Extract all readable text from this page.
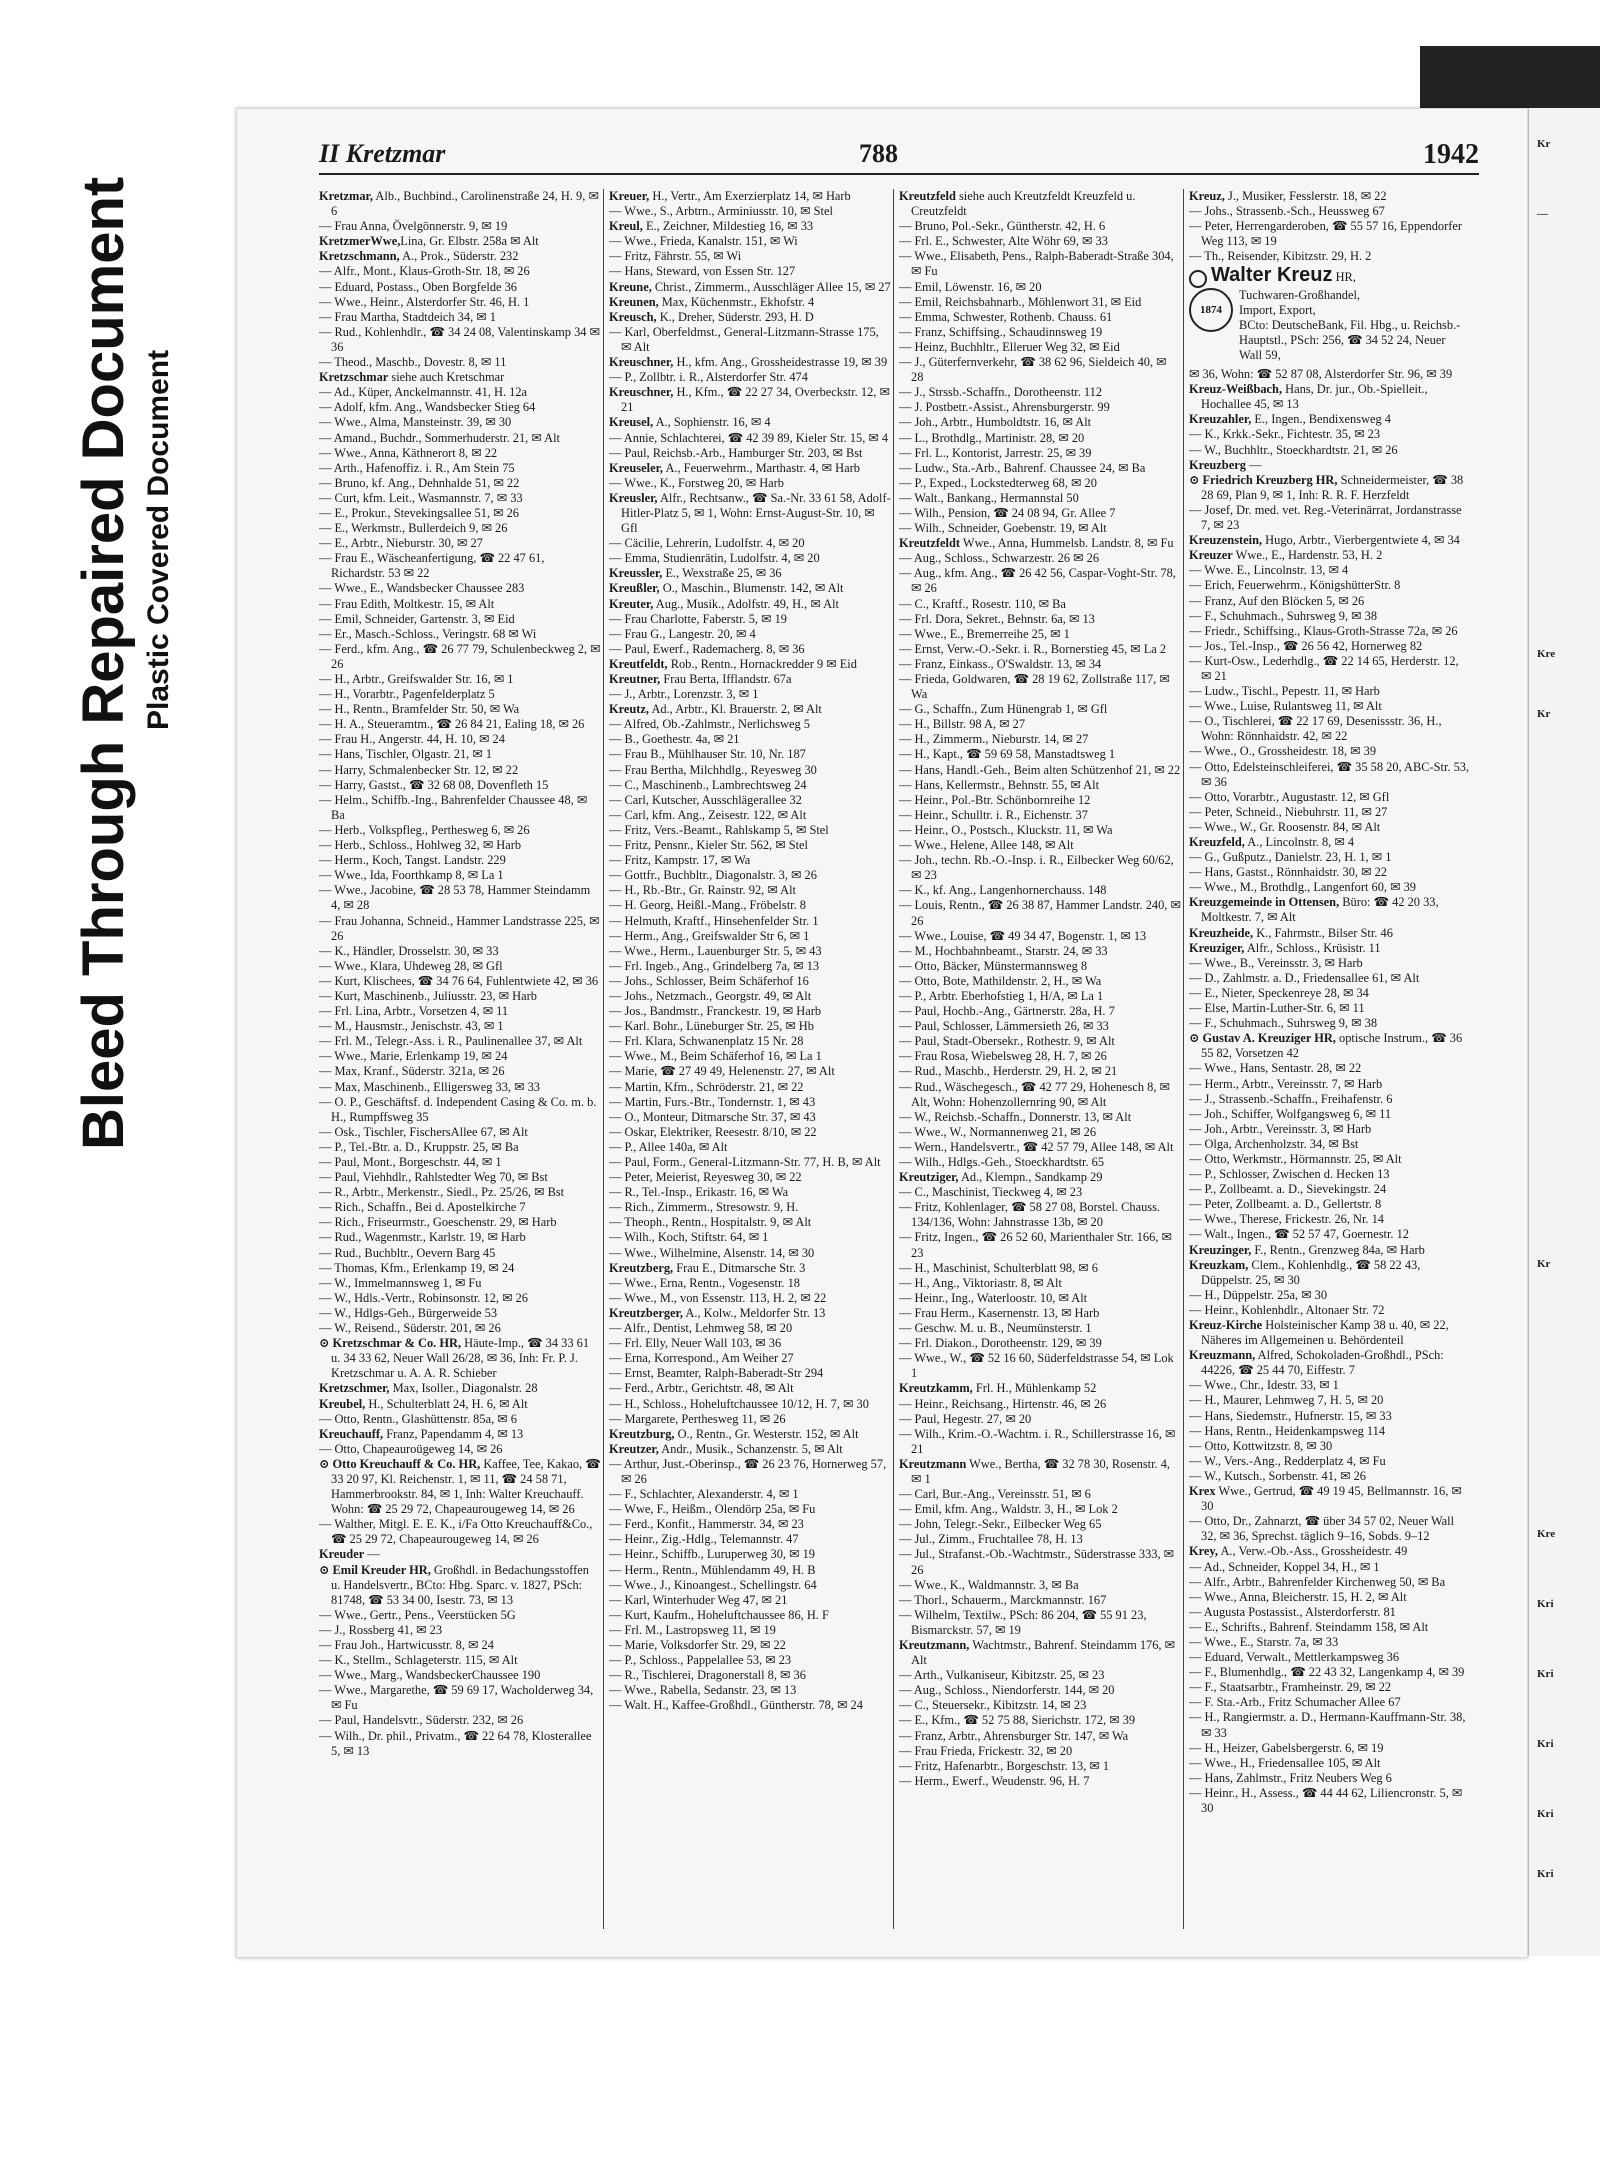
Bleed Through Repaired Document Plastic Covered Document
II Kretzmar	788	1942

Kretzmar, Alb., Buchbind., Carolinenstraße 24, H. 9, ✉ 6

— Frau Anna, Övelgönnerstr. 9, ✉ 19

KretzmerWwe,Lina, Gr. Elbstr. 258a ✉ Alt

Kretzschmann, A., Prok., Süderstr. 232

— Alfr., Mont., Klaus-Groth-Str. 18, ✉ 26

— Eduard, Postass., Oben Borgfelde 36

— Wwe., Heinr., Alsterdorfer Str. 46, H. 1

— Frau Martha, Stadtdeich 34, ✉ 1

— Rud., Kohlenhdlr., ☎ 34 24 08, Valentinskamp 34 ✉ 36

— Theod., Maschb., Dovestr. 8, ✉ 11

Kretzschmar siehe auch Kretschmar

— Ad., Küper, Anckelmannstr. 41, H. 12a

— Adolf, kfm. Ang., Wandsbecker Stieg 64

— Wwe., Alma, Mansteinstr. 39, ✉ 30

— Amand., Buchdr., Sommerhuderstr. 21, ✉ Alt

— Wwe., Anna, Käthnerort 8, ✉ 22

— Arth., Hafenoffiz. i. R., Am Stein 75

— Bruno, kf. Ang., Dehnhalde 51, ✉ 22

— Curt, kfm. Leit., Wasmannstr. 7, ✉ 33

— E., Prokur., Stevekingsallee 51, ✉ 26

— E., Werkmstr., Bullerdeich 9, ✉ 26

— E., Arbtr., Nieburstr. 30, ✉ 27

— Frau E., Wäscheanfertigung, ☎ 22 47 61, Richardstr. 53 ✉ 22

— Wwe., E., Wandsbecker Chaussee 283

— Frau Edith, Moltkestr. 15, ✉ Alt

— Emil, Schneider, Gartenstr. 3, ✉ Eid

— Er., Masch.-Schloss., Veringstr. 68 ✉ Wi

— Ferd., kfm. Ang., ☎ 26 77 79, Schulenbeckweg 2, ✉ 26

— H., Arbtr., Greifswalder Str. 16, ✉ 1

— H., Vorarbtr., Pagenfelderplatz 5

— H., Rentn., Bramfelder Str. 50, ✉ Wa

— H. A., Steueramtm., ☎ 26 84 21, Ealing 18, ✉ 26

— Frau H., Angerstr. 44, H. 10, ✉ 24

— Hans, Tischler, Olgastr. 21, ✉ 1

— Harry, Schmalenbecker Str. 12, ✉ 22

— Harry, Gastst., ☎ 32 68 08, Dovenfleth 15

— Helm., Schiffb.-Ing., Bahrenfelder Chaussee 48, ✉ Ba

— Herb., Volkspfleg., Perthesweg 6, ✉ 26

— Herb., Schloss., Hohlweg 32, ✉ Harb

— Herm., Koch, Tangst. Landstr. 229

— Wwe., Ida, Foorthkamp 8, ✉ La 1

— Wwe., Jacobine, ☎ 28 53 78, Hammer Steindamm 4, ✉ 28

— Frau Johanna, Schneid., Hammer Landstrasse 225, ✉ 26

— K., Händler, Drosselstr. 30, ✉ 33

— Wwe., Klara, Uhdeweg 28, ✉ Gfl

— Kurt, Klischees, ☎ 34 76 64, Fuhlentwiete 42, ✉ 36

— Kurt, Maschinenb., Juliusstr. 23, ✉ Harb

— Frl. Lina, Arbtr., Vorsetzen 4, ✉ 11

— M., Hausmstr., Jenischstr. 43, ✉ 1

— Frl. M., Telegr.-Ass. i. R., Paulinenallee 37, ✉ Alt

— Wwe., Marie, Erlenkamp 19, ✉ 24

— Max, Kranf., Süderstr. 321a, ✉ 26

— Max, Maschinenb., Elligersweg 33, ✉ 33

— O. P., Geschäftsf. d. Independent Casing & Co. m. b. H., Rumpffsweg 35

— Osk., Tischler, FischersAllee 67, ✉ Alt

— P., Tel.-Btr. a. D., Kruppstr. 25, ✉ Ba

— Paul, Mont., Borgeschstr. 44, ✉ 1

— Paul, Viehhdlr., Rahlstedter Weg 70, ✉ Bst

— R., Arbtr., Merkenstr., Siedl., Pz. 25/26, ✉ Bst

— Rich., Schaffn., Bei d. Apostelkirche 7

— Rich., Friseurmstr., Goeschenstr. 29, ✉ Harb

— Rud., Wagenmstr., Karlstr. 19, ✉ Harb

— Rud., Buchbltr., Oevern Barg 45

— Thomas, Kfm., Erlenkamp 19, ✉ 24

— W., Immelmannsweg 1, ✉ Fu

— W., Hdls.-Vertr., Robinsonstr. 12, ✉ 26

— W., Hdlgs-Geh., Bürgerweide 53

— W., Reisend., Süderstr. 201, ✉ 26

⊙ Kretzschmar & Co. HR, Häute-Imp., ☎ 34 33 61 u. 34 33 62, Neuer Wall 26/28, ✉ 36, Inh: Fr. P. J. Kretzschmar u. A. A. R. Schieber

Kretzschmer, Max, Isoller., Diagonalstr. 28

Kreubel, H., Schulterblatt 24, H. 6, ✉ Alt

— Otto, Rentn., Glashüttenstr. 85a, ✉ 6

Kreuchauff, Franz, Papendamm 4, ✉ 13

— Otto, Chapeauroügeweg 14, ✉ 26

⊙ Otto Kreuchauff & Co. HR, Kaffee, Tee, Kakao, ☎ 33 20 97, Kl. Reichenstr. 1, ✉ 11, ☎ 24 58 71, Hammerbrookstr. 84, ✉ 1, Inh: Walter Kreuchauff. Wohn: ☎ 25 29 72, Chapeaurougeweg 14, ✉ 26

— Walther, Mitgl. E. E. K., i/Fa Otto Kreuchauff&Co., ☎ 25 29 72, Chapeaurougeweg 14, ✉ 26

Kreuder —

⊙ Emil Kreuder HR, Großhdl. in Bedachungsstoffen u. Handelsvertr., BCto: Hbg. Sparc. v. 1827, PSch: 81748, ☎ 53 34 00, Isestr. 73, ✉ 13

— Wwe., Gertr., Pens., Veerstücken 5G

— J., Rossberg 41, ✉ 23

— Frau Joh., Hartwicusstr. 8, ✉ 24

— K., Stellm., Schlageterstr. 115, ✉ Alt

— Wwe., Marg., WandsbeckerChaussee 190

— Wwe., Margarethe, ☎ 59 69 17, Wacholderweg 34, ✉ Fu

— Paul, Handelsvtr., Süderstr. 232, ✉ 26

— Wilh., Dr. phil., Privatm., ☎ 22 64 78, Klosterallee 5, ✉ 13

Kreuer, H., Vertr., Am Exerzierplatz 14, ✉ Harb

— Wwe., S., Arbtrn., Arminiusstr. 10, ✉ Stel

Kreul, E., Zeichner, Mildestieg 16, ✉ 33

— Wwe., Frieda, Kanalstr. 151, ✉ Wi

— Fritz, Fährstr. 55, ✉ Wi

— Hans, Steward, von Essen Str. 127

Kreune, Christ., Zimmerm., Ausschläger Allee 15, ✉ 27

Kreunen, Max, Küchenmstr., Ekhofstr. 4

Kreusch, K., Dreher, Süderstr. 293, H. D

— Karl, Oberfeldmst., General-Litzmann-Strasse 175, ✉ Alt

Kreuschner, H., kfm. Ang., Grossheidestrasse 19, ✉ 39

— P., Zollbtr. i. R., Alsterdorfer Str. 474

Kreuschner, H., Kfm., ☎ 22 27 34, Overbeckstr. 12, ✉ 21

Kreusel, A., Sophienstr. 16, ✉ 4

— Annie, Schlachterei, ☎ 42 39 89, Kieler Str. 15, ✉ 4

— Paul, Reichsb.-Arb., Hamburger Str. 203, ✉ Bst

Kreuseler, A., Feuerwehrm., Marthastr. 4, ✉ Harb

— Wwe., K., Forstweg 20, ✉ Harb

Kreusler, Alfr., Rechtsanw., ☎ Sa.-Nr. 33 61 58, Adolf-Hitler-Platz 5, ✉ 1, Wohn: Ernst-August-Str. 10, ✉ Gfl

— Cäcilie, Lehrerin, Ludolfstr. 4, ✉ 20

— Emma, Studienrätin, Ludolfstr. 4, ✉ 20

Kreussler, E., Wexstraße 25, ✉ 36

Kreußler, O., Maschin., Blumenstr. 142, ✉ Alt

Kreuter, Aug., Musik., Adolfstr. 49, H., ✉ Alt

— Frau Charlotte, Faberstr. 5, ✉ 19

— Frau G., Langestr. 20, ✉ 4

— Paul, Ewerf., Rademacherg. 8, ✉ 36

Kreutfeldt, Rob., Rentn., Hornackredder 9 ✉ Eid

Kreutner, Frau Berta, Ifflandstr. 67a

— J., Arbtr., Lorenzstr. 3, ✉ 1

Kreutz, Ad., Arbtr., Kl. Brauerstr. 2, ✉ Alt

— Alfred, Ob.-Zahlmstr., Nerlichsweg 5

— B., Goethestr. 4a, ✉ 21

— Frau B., Mühlhauser Str. 10, Nr. 187

— Frau Bertha, Milchhdlg., Reyesweg 30

— C., Maschinenb., Lambrechtsweg 24

— Carl, Kutscher, Ausschlägerallee 32

— Carl, kfm. Ang., Zeisestr. 122, ✉ Alt

— Fritz, Vers.-Beamt., Rahlskamp 5, ✉ Stel

— Fritz, Pensnr., Kieler Str. 562, ✉ Stel

— Fritz, Kampstr. 17, ✉ Wa

— Gottfr., Buchbltr., Diagonalstr. 3, ✉ 26

— H., Rb.-Btr., Gr. Rainstr. 92, ✉ Alt

— H. Georg, Heißl.-Mang., Fröbelstr. 8

— Helmuth, Kraftf., Hinsehenfelder Str. 1

— Herm., Ang., Greifswalder Str 6, ✉ 1

— Wwe., Herm., Lauenburger Str. 5, ✉ 43

— Frl. Ingeb., Ang., Grindelberg 7a, ✉ 13

— Johs., Schlosser, Beim Schäferhof 16

— Johs., Netzmach., Georgstr. 49, ✉ Alt

— Jos., Bandmstr., Franckestr. 19, ✉ Harb

— Karl. Bohr., Lüneburger Str. 25, ✉ Hb

— Frl. Klara, Schwanenplatz 15 Nr. 28

— Wwe., M., Beim Schäferhof 16, ✉ La 1

— Marie, ☎ 27 49 49, Helenenstr. 27, ✉ Alt

— Martin, Kfm., Schröderstr. 21, ✉ 22

— Martin, Furs.-Btr., Tondernstr. 1, ✉ 43

— O., Monteur, Ditmarsche Str. 37, ✉ 43

— Oskar, Elektriker, Reesestr. 8/10, ✉ 22

— P., Allee 140a, ✉ Alt

— Paul, Form., General-Litzmann-Str. 77, H. B, ✉ Alt

— Peter, Meierist, Reyesweg 30, ✉ 22

— R., Tel.-Insp., Erikastr. 16, ✉ Wa

— Rich., Zimmerm., Stresowstr. 9, H.

— Theoph., Rentn., Hospitalstr. 9, ✉ Alt

— Wilh., Koch, Stiftstr. 64, ✉ 1

— Wwe., Wilhelmine, Alsenstr. 14, ✉ 30

Kreutzberg, Frau E., Ditmarsche Str. 3

— Wwe., Erna, Rentn., Vogesenstr. 18

— Wwe., M., von Essenstr. 113, H. 2, ✉ 22

Kreutzberger, A., Kolw., Meldorfer Str. 13

— Alfr., Dentist, Lehmweg 58, ✉ 20

— Frl. Elly, Neuer Wall 103, ✉ 36

— Erna, Korrespond., Am Weiher 27

— Ernst, Beamter, Ralph-Baberadt-Str 294

— Ferd., Arbtr., Gerichtstr. 48, ✉ Alt

— H., Schloss., Hoheluftchaussee 10/12, H. 7, ✉ 30

— Margarete, Perthesweg 11, ✉ 26

Kreutzburg, O., Rentn., Gr. Westerstr. 152, ✉ Alt

Kreutzer, Andr., Musik., Schanzenstr. 5, ✉ Alt

— Arthur, Just.-Oberinsp., ☎ 26 23 76, Hornerweg 57, ✉ 26

— F., Schlachter, Alexanderstr. 4, ✉ 1

— Wwe, F., Heißm., Olendörp 25a, ✉ Fu

— Ferd., Konfit., Hammerstr. 34, ✉ 23

— Heinr., Zig.-Hdlg., Telemannstr. 47

— Heinr., Schiffb., Luruperweg 30, ✉ 19

— Herm., Rentn., Mühlendamm 49, H. B

— Wwe., J., Kinoangest., Schellingstr. 64

— Karl, Winterhuder Weg 47, ✉ 21

— Kurt, Kaufm., Hoheluftchaussee 86, H. F

— Frl. M., Lastropsweg 11, ✉ 19

— Marie, Volksdorfer Str. 29, ✉ 22

— P., Schloss., Pappelallee 53, ✉ 23

— R., Tischlerei, Dragonerstall 8, ✉ 36

— Wwe., Rabella, Sedanstr. 23, ✉ 13

— Walt. H., Kaffee-Großhdl., Güntherstr. 78, ✉ 24

Kreutzfeld siehe auch Kreutzfeldt Kreuzfeld u. Creutzfeldt

— Bruno, Pol.-Sekr., Güntherstr. 42, H. 6

— Frl. E., Schwester, Alte Wöhr 69, ✉ 33

— Wwe., Elisabeth, Pens., Ralph-Baberadt-Straße 304, ✉ Fu

— Emil, Löwenstr. 16, ✉ 20

— Emil, Reichsbahnarb., Möhlenwort 31, ✉ Eid

— Emma, Schwester, Rothenb. Chauss. 61

— Franz, Schiffsing., Schaudinnsweg 19

— Heinz, Buchhltr., Elleruer Weg 32, ✉ Eid

— J., Güterfernverkehr, ☎ 38 62 96, Sieldeich 40, ✉ 28

— J., Strssb.-Schaffn., Dorotheenstr. 112

— J. Postbetr.-Assist., Ahrensburgerstr. 99

— Joh., Arbtr., Humboldtstr. 16, ✉ Alt

— L., Brothdlg., Martinistr. 28, ✉ 20

— Frl. L., Kontorist, Jarrestr. 25, ✉ 39

— Ludw., Sta.-Arb., Bahrenf. Chaussee 24, ✉ Ba

— P., Exped., Lockstedterweg 68, ✉ 20

— Walt., Bankang., Hermannstal 50

— Wilh., Pension, ☎ 24 08 94, Gr. Allee 7

— Wilh., Schneider, Goebenstr. 19, ✉ Alt

Kreutzfeldt Wwe., Anna, Hummelsb. Landstr. 8, ✉ Fu

— Aug., Schloss., Schwarzestr. 26 ✉ 26

— Aug., kfm. Ang., ☎ 26 42 56, Caspar-Voght-Str. 78, ✉ 26

— C., Kraftf., Rosestr. 110, ✉ Ba

— Frl. Dora, Sekret., Behnstr. 6a, ✉ 13

— Wwe., E., Bremerreihe 25, ✉ 1

— Ernst, Verw.-O.-Sekr. i. R., Bornerstieg 45, ✉ La 2

— Franz, Einkass., O'Swaldstr. 13, ✉ 34

— Frieda, Goldwaren, ☎ 28 19 62, Zollstraße 117, ✉ Wa

— G., Schaffn., Zum Hünengrab 1, ✉ Gfl

— H., Billstr. 98 A, ✉ 27

— H., Zimmerm., Nieburstr. 14, ✉ 27

— H., Kapt., ☎ 59 69 58, Manstadtsweg 1

— Hans, Handl.-Geh., Beim alten Schützenhof 21, ✉ 22

— Hans, Kellermstr., Behnstr. 55, ✉ Alt

— Heinr., Pol.-Btr. Schönbornreihe 12

— Heinr., Schulltr. i. R., Eichenstr. 37

— Heinr., O., Postsch., Kluckstr. 11, ✉ Wa

— Wwe., Helene, Allee 148, ✉ Alt

— Joh., techn. Rb.-O.-Insp. i. R., Eilbecker Weg 60/62, ✉ 23

— K., kf. Ang., Langenhornerchauss. 148

— Louis, Rentn., ☎ 26 38 87, Hammer Landstr. 240, ✉ 26

— Wwe., Louise, ☎ 49 34 47, Bogenstr. 1, ✉ 13

— M., Hochbahnbeamt., Starstr. 24, ✉ 33

— Otto, Bäcker, Münstermannsweg 8

— Otto, Bote, Mathildenstr. 2, H., ✉ Wa

— P., Arbtr. Eberhofstieg 1, H/A, ✉ La 1

— Paul, Hochb.-Ang., Gärtnerstr. 28a, H. 7

— Paul, Schlosser, Lämmersieth 26, ✉ 33

— Paul, Stadt-Obersekr., Rothestr. 9, ✉ Alt

— Frau Rosa, Wiebelsweg 28, H. 7, ✉ 26

— Rud., Maschb., Herderstr. 29, H. 2, ✉ 21

— Rud., Wäschegesch., ☎ 42 77 29, Hohenesch 8, ✉ Alt, Wohn: Hohenzollernring 90, ✉ Alt

— W., Reichsb.-Schaffn., Donnerstr. 13, ✉ Alt

— Wwe., W., Normannenweg 21, ✉ 26

— Wern., Handelsvertr., ☎ 42 57 79, Allee 148, ✉ Alt

— Wilh., Hdlgs.-Geh., Stoeckhardtstr. 65

Kreutziger, Ad., Klempn., Sandkamp 29

— C., Maschinist, Tieckweg 4, ✉ 23

— Fritz, Kohlenlager, ☎ 58 27 08, Borstel. Chauss. 134/136, Wohn: Jahnstrasse 13b, ✉ 20

— Fritz, Ingen., ☎ 26 52 60, Marienthaler Str. 166, ✉ 23

— H., Maschinist, Schulterblatt 98, ✉ 6

— H., Ang., Viktoriastr. 8, ✉ Alt

— Heinr., Ing., Waterloostr. 10, ✉ Alt

— Frau Herm., Kasernenstr. 13, ✉ Harb

— Geschw. M. u. B., Neumünsterstr. 1

— Frl. Diakon., Dorotheenstr. 129, ✉ 39

— Wwe., W., ☎ 52 16 60, Süderfeldstrasse 54, ✉ Lok 1

Kreutzkamm, Frl. H., Mühlenkamp 52

— Heinr., Reichsang., Hirtenstr. 46, ✉ 26

— Paul, Hegestr. 27, ✉ 20

— Wilh., Krim.-O.-Wachtm. i. R., Schillerstrasse 16, ✉ 21

Kreutzmann Wwe., Bertha, ☎ 32 78 30, Rosenstr. 4, ✉ 1

— Carl, Bur.-Ang., Vereinsstr. 51, ✉ 6

— Emil, kfm. Ang., Waldstr. 3, H., ✉ Lok 2

— John, Telegr.-Sekr., Eilbecker Weg 65

— Jul., Zimm., Fruchtallee 78, H. 13

— Jul., Strafanst.-Ob.-Wachtmstr., Süderstrasse 333, ✉ 26

— Wwe., K., Waldmannstr. 3, ✉ Ba

— Thorl., Schauerm., Marckmannstr. 167

— Wilhelm, Textilw., PSch: 86 204, ☎ 55 91 23, Bismarckstr. 57, ✉ 19

Kreutzmann, Wachtmstr., Bahrenf. Steindamm 176, ✉ Alt

— Arth., Vulkaniseur, Kibitzstr. 25, ✉ 23

— Aug., Schloss., Niendorferstr. 144, ✉ 20

— C., Steuersekr., Kibitzstr. 14, ✉ 23

— E., Kfm., ☎ 52 75 88, Sierichstr. 172, ✉ 39

— Franz, Arbtr., Ahrensburger Str. 147, ✉ Wa

— Frau Frieda, Frickestr. 32, ✉ 20

— Fritz, Hafenarbtr., Borgeschstr. 13, ✉ 1

— Herm., Ewerf., Weudenstr. 96, H. 7

Kreuz, J., Musiker, Fesslerstr. 18, ✉ 22

— Johs., Strassenb.-Sch., Heussweg 67

— Peter, Herrengarderoben, ☎ 55 57 16, Eppendorfer Weg 113, ✉ 19

— Th., Reisender, Kibitzstr. 29, H. 2

Walter Kreuz HR,
1874
Tuchwaren-Großhandel,
Import, Export,
BCto: DeutscheBank, Fil. Hbg., u. Reichsb.-Hauptstl., PSch: 256, ☎ 34 52 24, Neuer Wall 59,

✉ 36, Wohn: ☎ 52 87 08, Alsterdorfer Str. 96, ✉ 39

Kreuz-Weißbach, Hans, Dr. jur., Ob.-Spielleit., Hochallee 45, ✉ 13

Kreuzahler, E., Ingen., Bendixensweg 4

— K., Krkk.-Sekr., Fichtestr. 35, ✉ 23

— W., Buchhltr., Stoeckhardtstr. 21, ✉ 26

Kreuzberg —

⊙ Friedrich Kreuzberg HR, Schneidermeister, ☎ 38 28 69, Plan 9, ✉ 1, Inh: R. R. F. Herzfeldt

— Josef, Dr. med. vet. Reg.-Veterinärrat, Jordanstrasse 7, ✉ 23

Kreuzenstein, Hugo, Arbtr., Vierbergentwiete 4, ✉ 34

Kreuzer Wwe., E., Hardenstr. 53, H. 2

— Wwe. E., Lincolnstr. 13, ✉ 4

— Erich, Feuerwehrm., KönigshütterStr. 8

— Franz, Auf den Blöcken 5, ✉ 26

— F., Schuhmach., Suhrsweg 9, ✉ 38

— Friedr., Schiffsing., Klaus-Groth-Strasse 72a, ✉ 26

— Jos., Tel.-Insp., ☎ 26 56 42, Hornerweg 82

— Kurt-Osw., Lederhdlg., ☎ 22 14 65, Herderstr. 12, ✉ 21

— Ludw., Tischl., Pepestr. 11, ✉ Harb

— Wwe., Luise, Rulantsweg 11, ✉ Alt

— O., Tischlerei, ☎ 22 17 69, Desenissstr. 36, H., Wohn: Rönnhaidstr. 42, ✉ 22

— Wwe., O., Grossheidestr. 18, ✉ 39

— Otto, Edelsteinschleiferei, ☎ 35 58 20, ABC-Str. 53, ✉ 36

— Otto, Vorarbtr., Augustastr. 12, ✉ Gfl

— Peter, Schneid., Niebuhrstr. 11, ✉ 27

— Wwe., W., Gr. Roosenstr. 84, ✉ Alt

Kreuzfeld, A., Lincolnstr. 8, ✉ 4

— G., Gußputz., Danielstr. 23, H. 1, ✉ 1

— Hans, Gastst., Rönnhaidstr. 30, ✉ 22

— Wwe., M., Brothdlg., Langenfort 60, ✉ 39

Kreuzgemeinde in Ottensen, Büro: ☎ 42 20 33, Moltkestr. 7, ✉ Alt

Kreuzheide, K., Fahrmstr., Bilser Str. 46

Kreuziger, Alfr., Schloss., Krüsistr. 11

— Wwe., B., Vereinsstr. 3, ✉ Harb

— D., Zahlmstr. a. D., Friedensallee 61, ✉ Alt

— E., Nieter, Speckenreye 28, ✉ 34

— Else, Martin-Luther-Str. 6, ✉ 11

— F., Schuhmach., Suhrsweg 9, ✉ 38

⊙ Gustav A. Kreuziger HR, optische Instrum., ☎ 36 55 82, Vorsetzen 42

— Wwe., Hans, Sentastr. 28, ✉ 22

— Herm., Arbtr., Vereinsstr. 7, ✉ Harb

— J., Strassenb.-Schaffn., Freihafenstr. 6

— Joh., Schiffer, Wolfgangsweg 6, ✉ 11

— Joh., Arbtr., Vereinsstr. 3, ✉ Harb

— Olga, Archenholzstr. 34, ✉ Bst

— Otto, Werkmstr., Hörmannstr. 25, ✉ Alt

— P., Schlosser, Zwischen d. Hecken 13

— P., Zollbeamt. a. D., Sievekingstr. 24

— Peter, Zollbeamt. a. D., Gellertstr. 8

— Wwe., Therese, Frickestr. 26, Nr. 14

— Walt., Ingen., ☎ 52 57 47, Goernestr. 12

Kreuzinger, F., Rentn., Grenzweg 84a, ✉ Harb

Kreuzkam, Clem., Kohlenhdlg., ☎ 58 22 43, Düppelstr. 25, ✉ 30

— H., Düppelstr. 25a, ✉ 30

— Heinr., Kohlenhdlr., Altonaer Str. 72

Kreuz-Kirche Holsteinischer Kamp 38 u. 40, ✉ 22, Näheres im Allgemeinen u. Behördenteil

Kreuzmann, Alfred, Schokoladen-Großhdl., PSch: 44226, ☎ 25 44 70, Eiffestr. 7

— Wwe., Chr., Idestr. 33, ✉ 1

— H., Maurer, Lehmweg 7, H. 5, ✉ 20

— Hans, Siedemstr., Hufnerstr. 15, ✉ 33

— Hans, Rentn., Heidenkampsweg 114

— Otto, Kottwitzstr. 8, ✉ 30

— W., Vers.-Ang., Redderplatz 4, ✉ Fu

— W., Kutsch., Sorbenstr. 41, ✉ 26

Krex Wwe., Gertrud, ☎ 49 19 45, Bellmannstr. 16, ✉ 30

— Otto, Dr., Zahnarzt, ☎ über 34 57 02, Neuer Wall 32, ✉ 36, Sprechst. täglich 9–16, Sobds. 9–12

Krey, A., Verw.-Ob.-Ass., Grossheidestr. 49

— Ad., Schneider, Koppel 34, H., ✉ 1

— Alfr., Arbtr., Bahrenfelder Kirchenweg 50, ✉ Ba

— Wwe., Anna, Bleicherstr. 15, H. 2, ✉ Alt

— Augusta Postassist., Alsterdorferstr. 81

— E., Schrifts., Bahrenf. Steindamm 158, ✉ Alt

— Wwe., E., Starstr. 7a, ✉ 33

— Eduard, Verwalt., Mettlerkampsweg 36

— F., Blumenhdlg., ☎ 22 43 32, Langenkamp 4, ✉ 39

— F., Staatsarbtr., Framheinstr. 29, ✉ 22

— F. Sta.-Arb., Fritz Schumacher Allee 67

— H., Rangiermstr. a. D., Hermann-Kauffmann-Str. 38, ✉ 33

— H., Heizer, Gabelsbergerstr. 6, ✉ 19

— Wwe., H., Friedensallee 105, ✉ Alt

— Hans, Zahlmstr., Fritz Neubers Weg 6

— Heinr., H., Assess., ☎ 44 44 62, Liliencronstr. 5, ✉ 30

Kr
—
Kre
Kr
Kr
Kre
Kri
Kri
Kri
Kri
Kri
